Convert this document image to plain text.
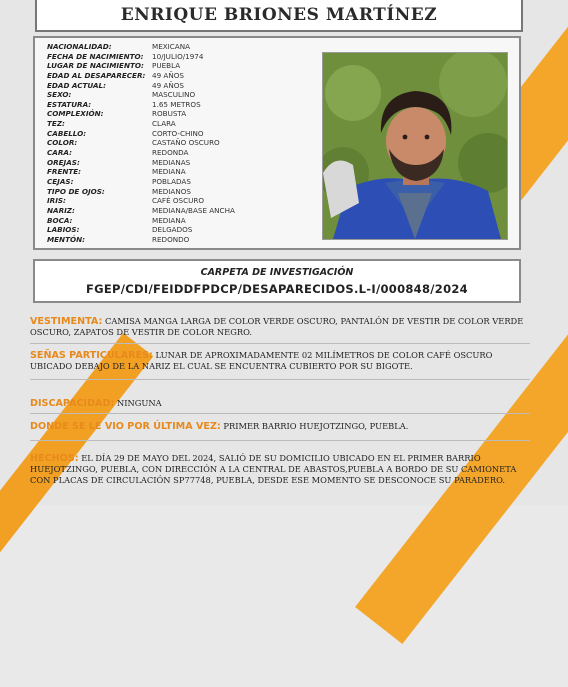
ENRIQUE BRIONES MARTÍNEZ
NACIONALIDAD:	MEXICANA
FECHA DE NACIMIENTO:	10/JULIO/1974
LUGAR DE NACIMIENTO:	PUEBLA
EDAD AL DESAPARECER: 49 AÑOS
EDAD ACTUAL:	49 AÑOS
SEXO:	MASCULINO
ESTATURA:	1.65 METROS
COMPLEXIÓN:	ROBUSTA
TEZ:	CLARA
CABELLO:	CORTO-CHINO
COLOR:	CASTAÑO OSCURO
CARA:	REDONDA
OREJAS:	MEDIANAS
FRENTE:	MEDIANA
CEJAS:	POBLADAS
TIPO DE OJOS:	MEDIANOS
IRIS:	CAFÉ OSCURO
NARIZ:	MEDIANA/BASE ANCHA
BOCA:	MEDIANA
LABIOS:	DELGADOS
MENTÓN:	REDONDO
CARPETA DE INVESTIGACIÓN
FGEP/CDI/FEIDDFPDCP/DESAPARECIDOS.L-I/000848/2024
VESTIMENTA: CAMISA MANGA LARGA DE COLOR VERDE OSCURO, PANTALÓN DE VESTIR DE COLOR VERDE OSCURO, ZAPATOS DE VESTIR DE COLOR NEGRO.
SEÑAS PARTICULARES: LUNAR DE APROXIMADAMENTE 02 MILÍMETROS DE COLOR CAFÉ OSCURO UBICADO DEBAJO DE LA NARIZ EL CUAL SE ENCUENTRA CUBIERTO POR SU BIGOTE.
DISCAPACIDAD: NINGUNA
DONDE SE LE VIO POR ÚLTIMA VEZ: PRIMER BARRIO HUEJOTZINGO, PUEBLA.
HECHOS: EL DÍA 29 DE MAYO DEL 2024, SALIÓ DE SU DOMICILIO UBICADO EN EL PRIMER BARRIO HUEJOTZINGO, PUEBLA, CON DIRECCIÓN A LA CENTRAL DE ABASTOS,PUEBLA A BORDO DE SU CAMIONETA CON PLACAS DE CIRCULACIÓN SP77748, PUEBLA, DESDE ESE MOMENTO SE DESCONOCE SU PARADERO.
